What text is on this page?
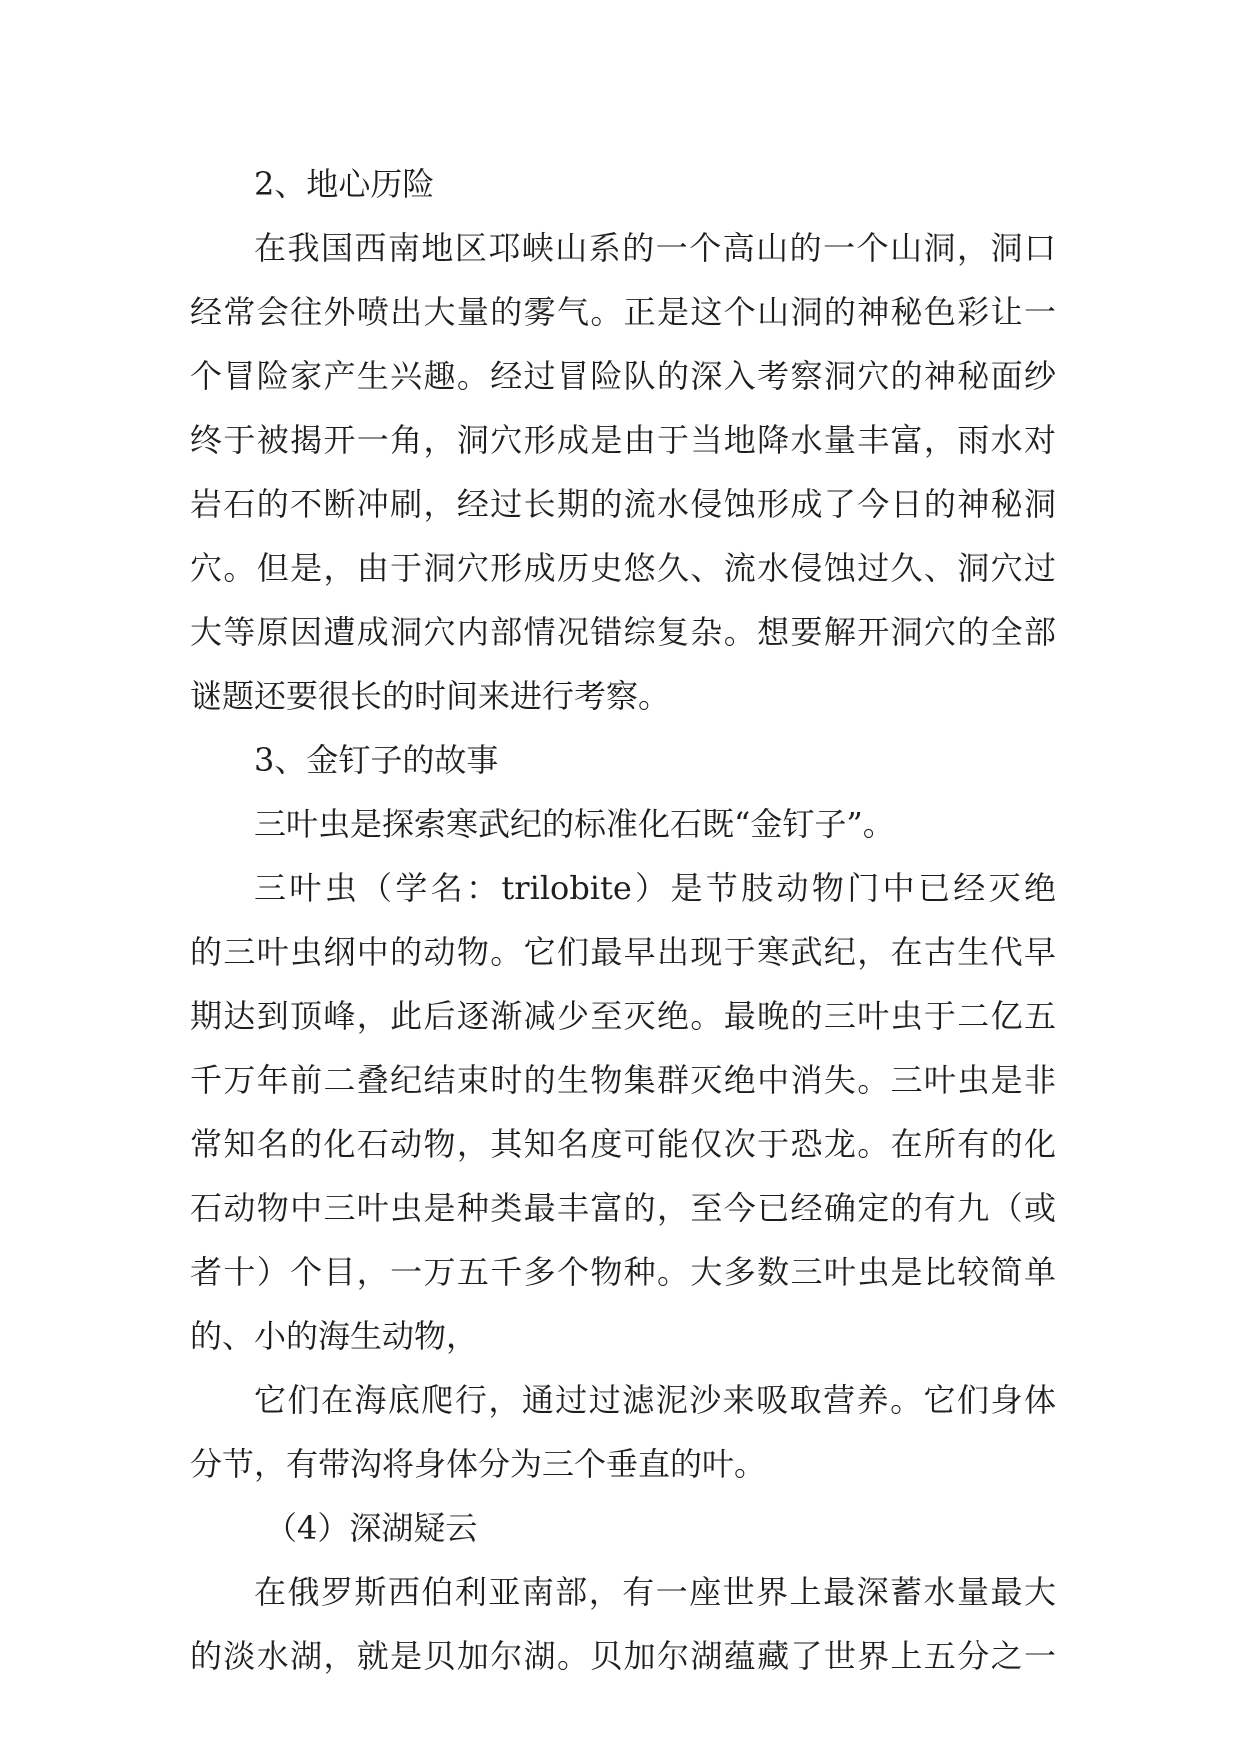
2、地心历险
在我国西南地区邛峡山系的一个高山的一个山洞，洞口
经常会往外喷出大量的雾气。正是这个山洞的神秘色彩让一
个冒险家产生兴趣。经过冒险队的深入考察洞穴的神秘面纱
终于被揭开一角，洞穴形成是由于当地降水量丰富，雨水对
岩石的不断冲刷，经过长期的流水侵蚀形成了今日的神秘洞
穴。但是，由于洞穴形成历史悠久、流水侵蚀过久、洞穴过
大等原因遭成洞穴内部情况错综复杂。想要解开洞穴的全部
谜题还要很长的时间来进行考察。
3、金钉子的故事
三叶虫是探索寒武纪的标准化石既“金钉子”。
三叶虫（学名：trilobite）是节肢动物门中已经灭绝
的三叶虫纲中的动物。它们最早出现于寒武纪，在古生代早
期达到顶峰，此后逐渐减少至灭绝。最晚的三叶虫于二亿五
千万年前二叠纪结束时的生物集群灭绝中消失。三叶虫是非
常知名的化石动物，其知名度可能仅次于恐龙。在所有的化
石动物中三叶虫是种类最丰富的，至今已经确定的有九（或
者十）个目，一万五千多个物种。大多数三叶虫是比较简单
的、小的海生动物，
它们在海底爬行，通过过滤泥沙来吸取营养。它们身体
分节，有带沟将身体分为三个垂直的叶。
（4）深湖疑云
在俄罗斯西伯利亚南部，有一座世界上最深蓄水量最大
的淡水湖，就是贝加尔湖。贝加尔湖蕴藏了世界上五分之一
